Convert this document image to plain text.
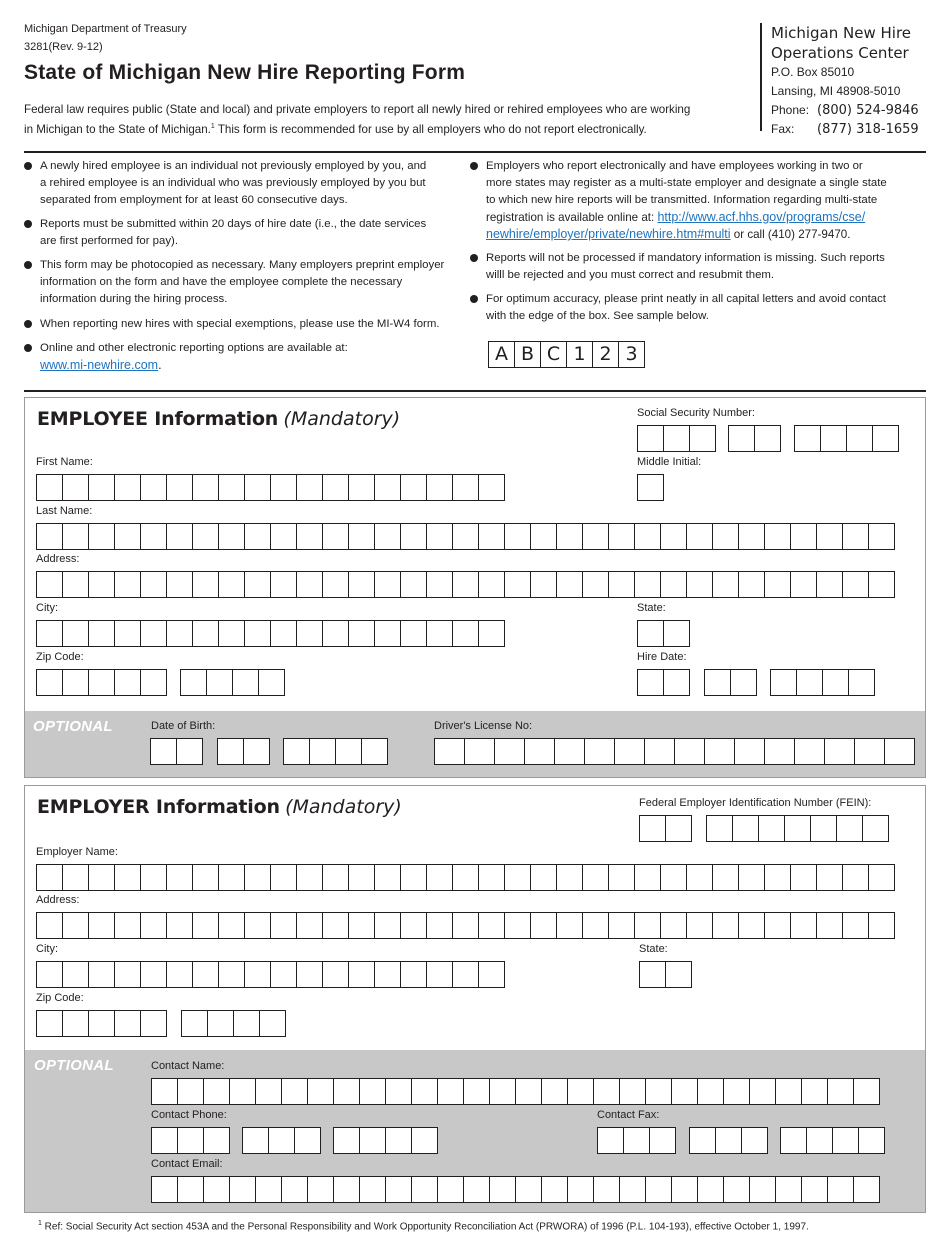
Michigan Department of Treasury
3281(Rev. 9-12)
State of Michigan New Hire Reporting Form
Federal law requires public (State and local) and private employers to report all newly hired or rehired employees who are working
in Michigan to the State of Michigan.$^1$ This form is recommended for use by all employers who do not report electronically.
Michigan New Hire
Operations Center
P.O. Box 85010
Lansing, MI 48908-5010
Phone: (800) 524-9846
Fax: (877) 318-1659
A newly hired employee is an individual not previously employed by you, and
a rehired employee is an individual who was previously employed by you but
separated from employment for at least 60 consecutive days.
Reports must be submitted within 20 days of hire date (i.e., the date services
are first performed for pay).
This form may be photocopied as necessary. Many employers preprint employer
information on the form and have the employee complete the necessary
information during the hiring process.
When reporting new hires with special exemptions, please use the MI-W4 form.
Online and other electronic reporting options are available at:
www.mi-newhire.com.
Employers who report electronically and have employees working in two or
more states may register as a multi-state employer and designate a single state
to which new hire reports will be transmitted. Information regarding multi-state
registration is available online at: http://www.acf.hhs.gov/programs/cse/
newhire/employer/private/newhire.htm#multi or call (410) 277-9470.
Reports will not be processed if mandatory information is missing. Such reports
willl be rejected and you must correct and resubmit them.
For optimum accuracy, please print neatly in all capital letters and avoid contact
with the edge of the box. See sample below.
A B C 1 2 3
EMPLOYEE Information (Mandatory)	Social Security Number:
First Name:	Middle Initial:
Last Name:
Address:
City:	State:
Zip Code:	Hire Date:
OPTIONAL	Date of Birth:	Driver's License No:
EMPLOYER Information (Mandatory)	Federal Employer Identification Number (FEIN):
Employer Name:
Address:
City:	State:
Zip Code:
OPTIONAL	Contact Name:
Contact Phone:	Contact Fax:
Contact Email:
$^1$ Ref: Social Security Act section 453A and the Personal Responsibility and Work Opportunity Reconciliation Act (PRWORA) of 1996 (P.L. 104-193), effective October 1, 1997.
